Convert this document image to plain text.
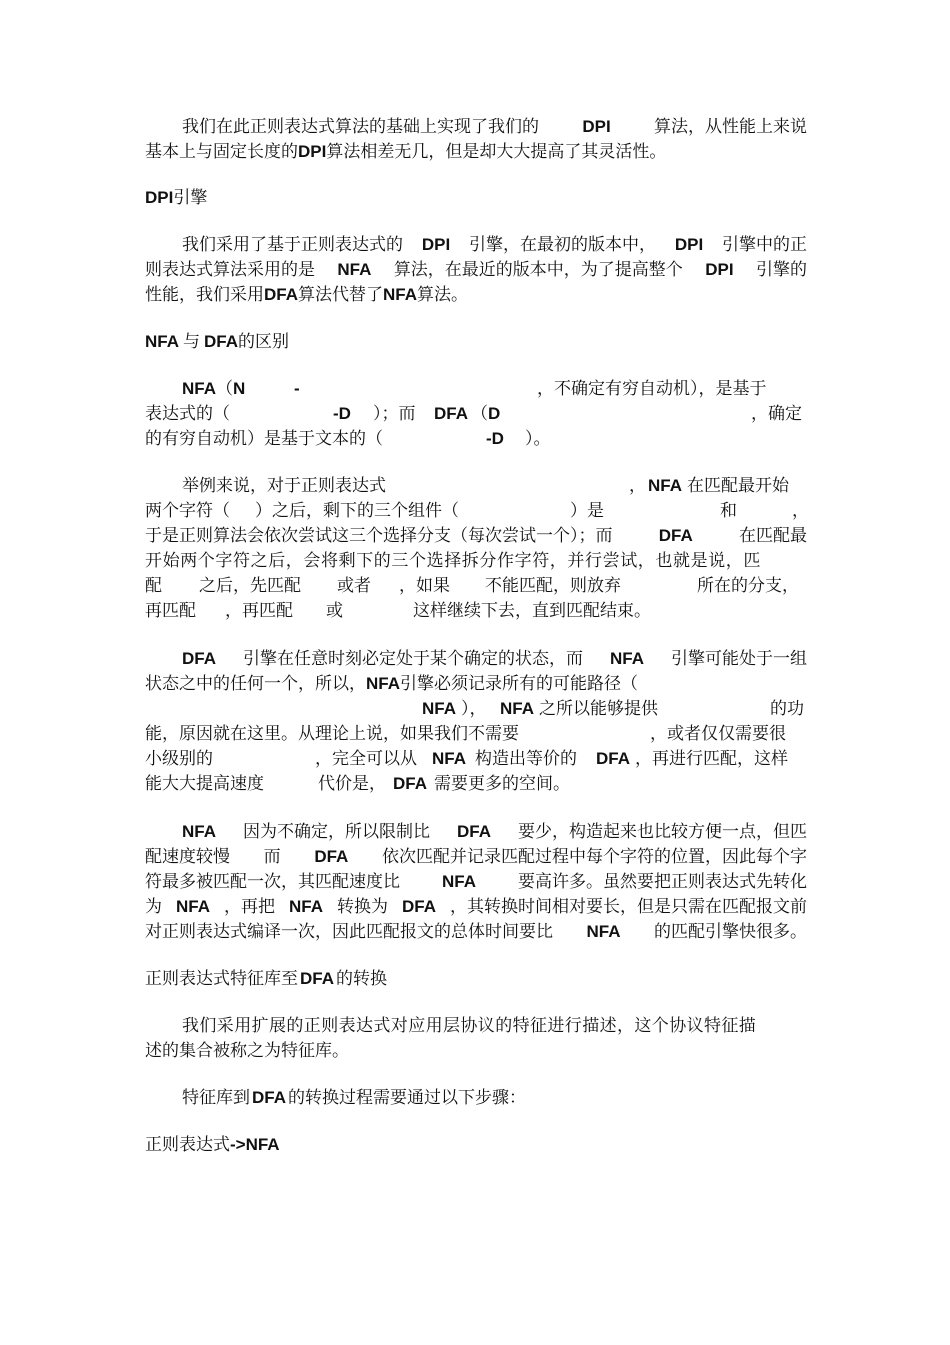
我们在此正则表达式算法的基础上实现了我们的	DPI	算法，从性能上来说
基本上与固定长度的DPI算法相差无几，但是却大大提高了其灵活性。
DPI引擎
我们采用了基于正则表达式的 DPI 引擎，在最初的版本中， DPI 引擎中的正
则表达式算法采用的是 NFA 算法，在最近的版本中，为了提高整个 DPI 引擎的
性能，我们采用DFA算法代替了NFA算法。
NFA 与 DFA的区别
NFA（N	-	，不确定有穷自动机），是基于
表达式的（	-D ）；而 DFA （ D	，确定
的有穷自动机）是基于文本的（	-D ）。
举例来说，对于正则表达式	， NFA 在匹配最开始
两个字符（ ）之后，剩下的三个组件（	）是	和	，
于是正则算法会依次尝试这三个选择分支（每次尝试一个）；而	DFA	在匹配最
开始两个字符之后，会将剩下的三个选择拆分作字符，并行尝试，也就是说，匹
配 之后，先匹配 或者 ，如果 不能匹配，则放弃	所在的分支，
再匹配 ，再匹配 或	这样继续下去，直到匹配结束。
DFA 引擎在任意时刻必定处于某个确定的状态，而 NFA 引擎可能处于一组
状态之中的任何一个，所以，NFA引擎必须记录所有的可能路径（
NFA ）， NFA 之所以能够提供	的功
能，原因就在这里。从理论上说，如果我们不需要	，或者仅仅需要很
小级别的	，完全可以从 NFA 构造出等价的 DFA ，再进行匹配，这样
能大大提高速度	代价是， DFA 需要更多的空间。
NFA 因为不确定，所以限制比 DFA 要少，构造起来也比较方便一点，但匹
配速度较慢 而 DFA 依次匹配并记录匹配过程中每个字符的位置，因此每个字
符最多被匹配一次，其匹配速度比 NFA 要高许多。虽然要把正则表达式先转化
为 NFA ，再把 NFA 转换为 DFA ，其转换时间相对要长，但是只需在匹配报文前
对正则表达式编译一次，因此匹配报文的总体时间要比 NFA 的匹配引擎快很多。
正则表达式特征库至 DFA 的转换
我们采用扩展的正则表达式对应用层协议的特征进行描述，这个协议特征描
述的集合被称之为特征库。
特征库到 DFA 的转换过程需要通过以下步骤：
正则表达式->NFA
